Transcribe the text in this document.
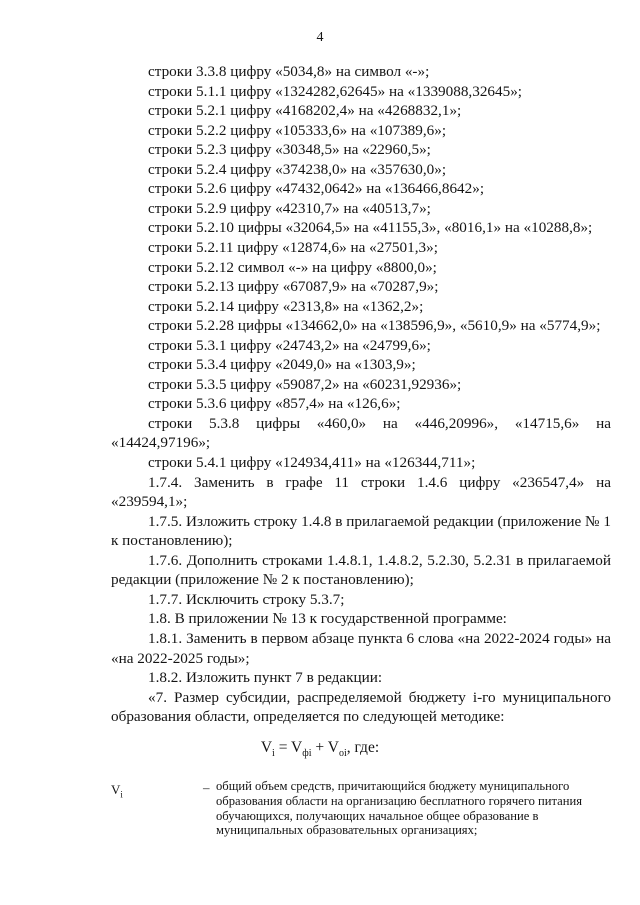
4
строки 3.3.8 цифру «5034,8» на символ «-»;
строки 5.1.1 цифру «1324282,62645» на «1339088,32645»;
строки 5.2.1 цифру «4168202,4» на «4268832,1»;
строки 5.2.2 цифру «105333,6» на «107389,6»;
строки 5.2.3 цифру «30348,5» на «22960,5»;
строки 5.2.4 цифру «374238,0» на «357630,0»;
строки 5.2.6 цифру «47432,0642» на «136466,8642»;
строки 5.2.9 цифру «42310,7» на «40513,7»;
строки 5.2.10 цифры «32064,5» на «41155,3», «8016,1» на «10288,8»;
строки 5.2.11 цифру «12874,6» на «27501,3»;
строки 5.2.12 символ «-» на цифру «8800,0»;
строки 5.2.13 цифру «67087,9» на «70287,9»;
строки 5.2.14 цифру «2313,8» на «1362,2»;
строки 5.2.28 цифры «134662,0» на «138596,9», «5610,9» на «5774,9»;
строки 5.3.1 цифру «24743,2» на «24799,6»;
строки 5.3.4 цифру «2049,0» на «1303,9»;
строки 5.3.5 цифру «59087,2» на «60231,92936»;
строки 5.3.6 цифру «857,4» на «126,6»;
строки 5.3.8 цифры «460,0» на «446,20996», «14715,6» на
«14424,97196»;
строки 5.4.1 цифру «124934,411» на «126344,711»;
1.7.4. Заменить в графе 11 строки 1.4.6 цифру «236547,4» на
«239594,1»;
1.7.5. Изложить строку 1.4.8 в прилагаемой редакции (приложение № 1
к постановлению);
1.7.6. Дополнить строками 1.4.8.1, 1.4.8.2, 5.2.30, 5.2.31 в прилагаемой
редакции (приложение № 2 к постановлению);
1.7.7. Исключить строку 5.3.7;
1.8. В приложении № 13 к государственной программе:
1.8.1. Заменить в первом абзаце пункта 6 слова «на 2022-2024 годы» на
«на 2022-2025 годы»;
1.8.2. Изложить пункт 7 в редакции:
«7. Размер субсидии, распределяемой бюджету i-го муниципального
образования области, определяется по следующей методике:
$V_i = V_{фi} + V_{oi}$, где:
$V_i$	– общий объем средств, причитающийся бюджету муниципального образования области на организацию бесплатного горячего питания обучающихся, получающих начальное общее образование в муниципальных образовательных организациях;
